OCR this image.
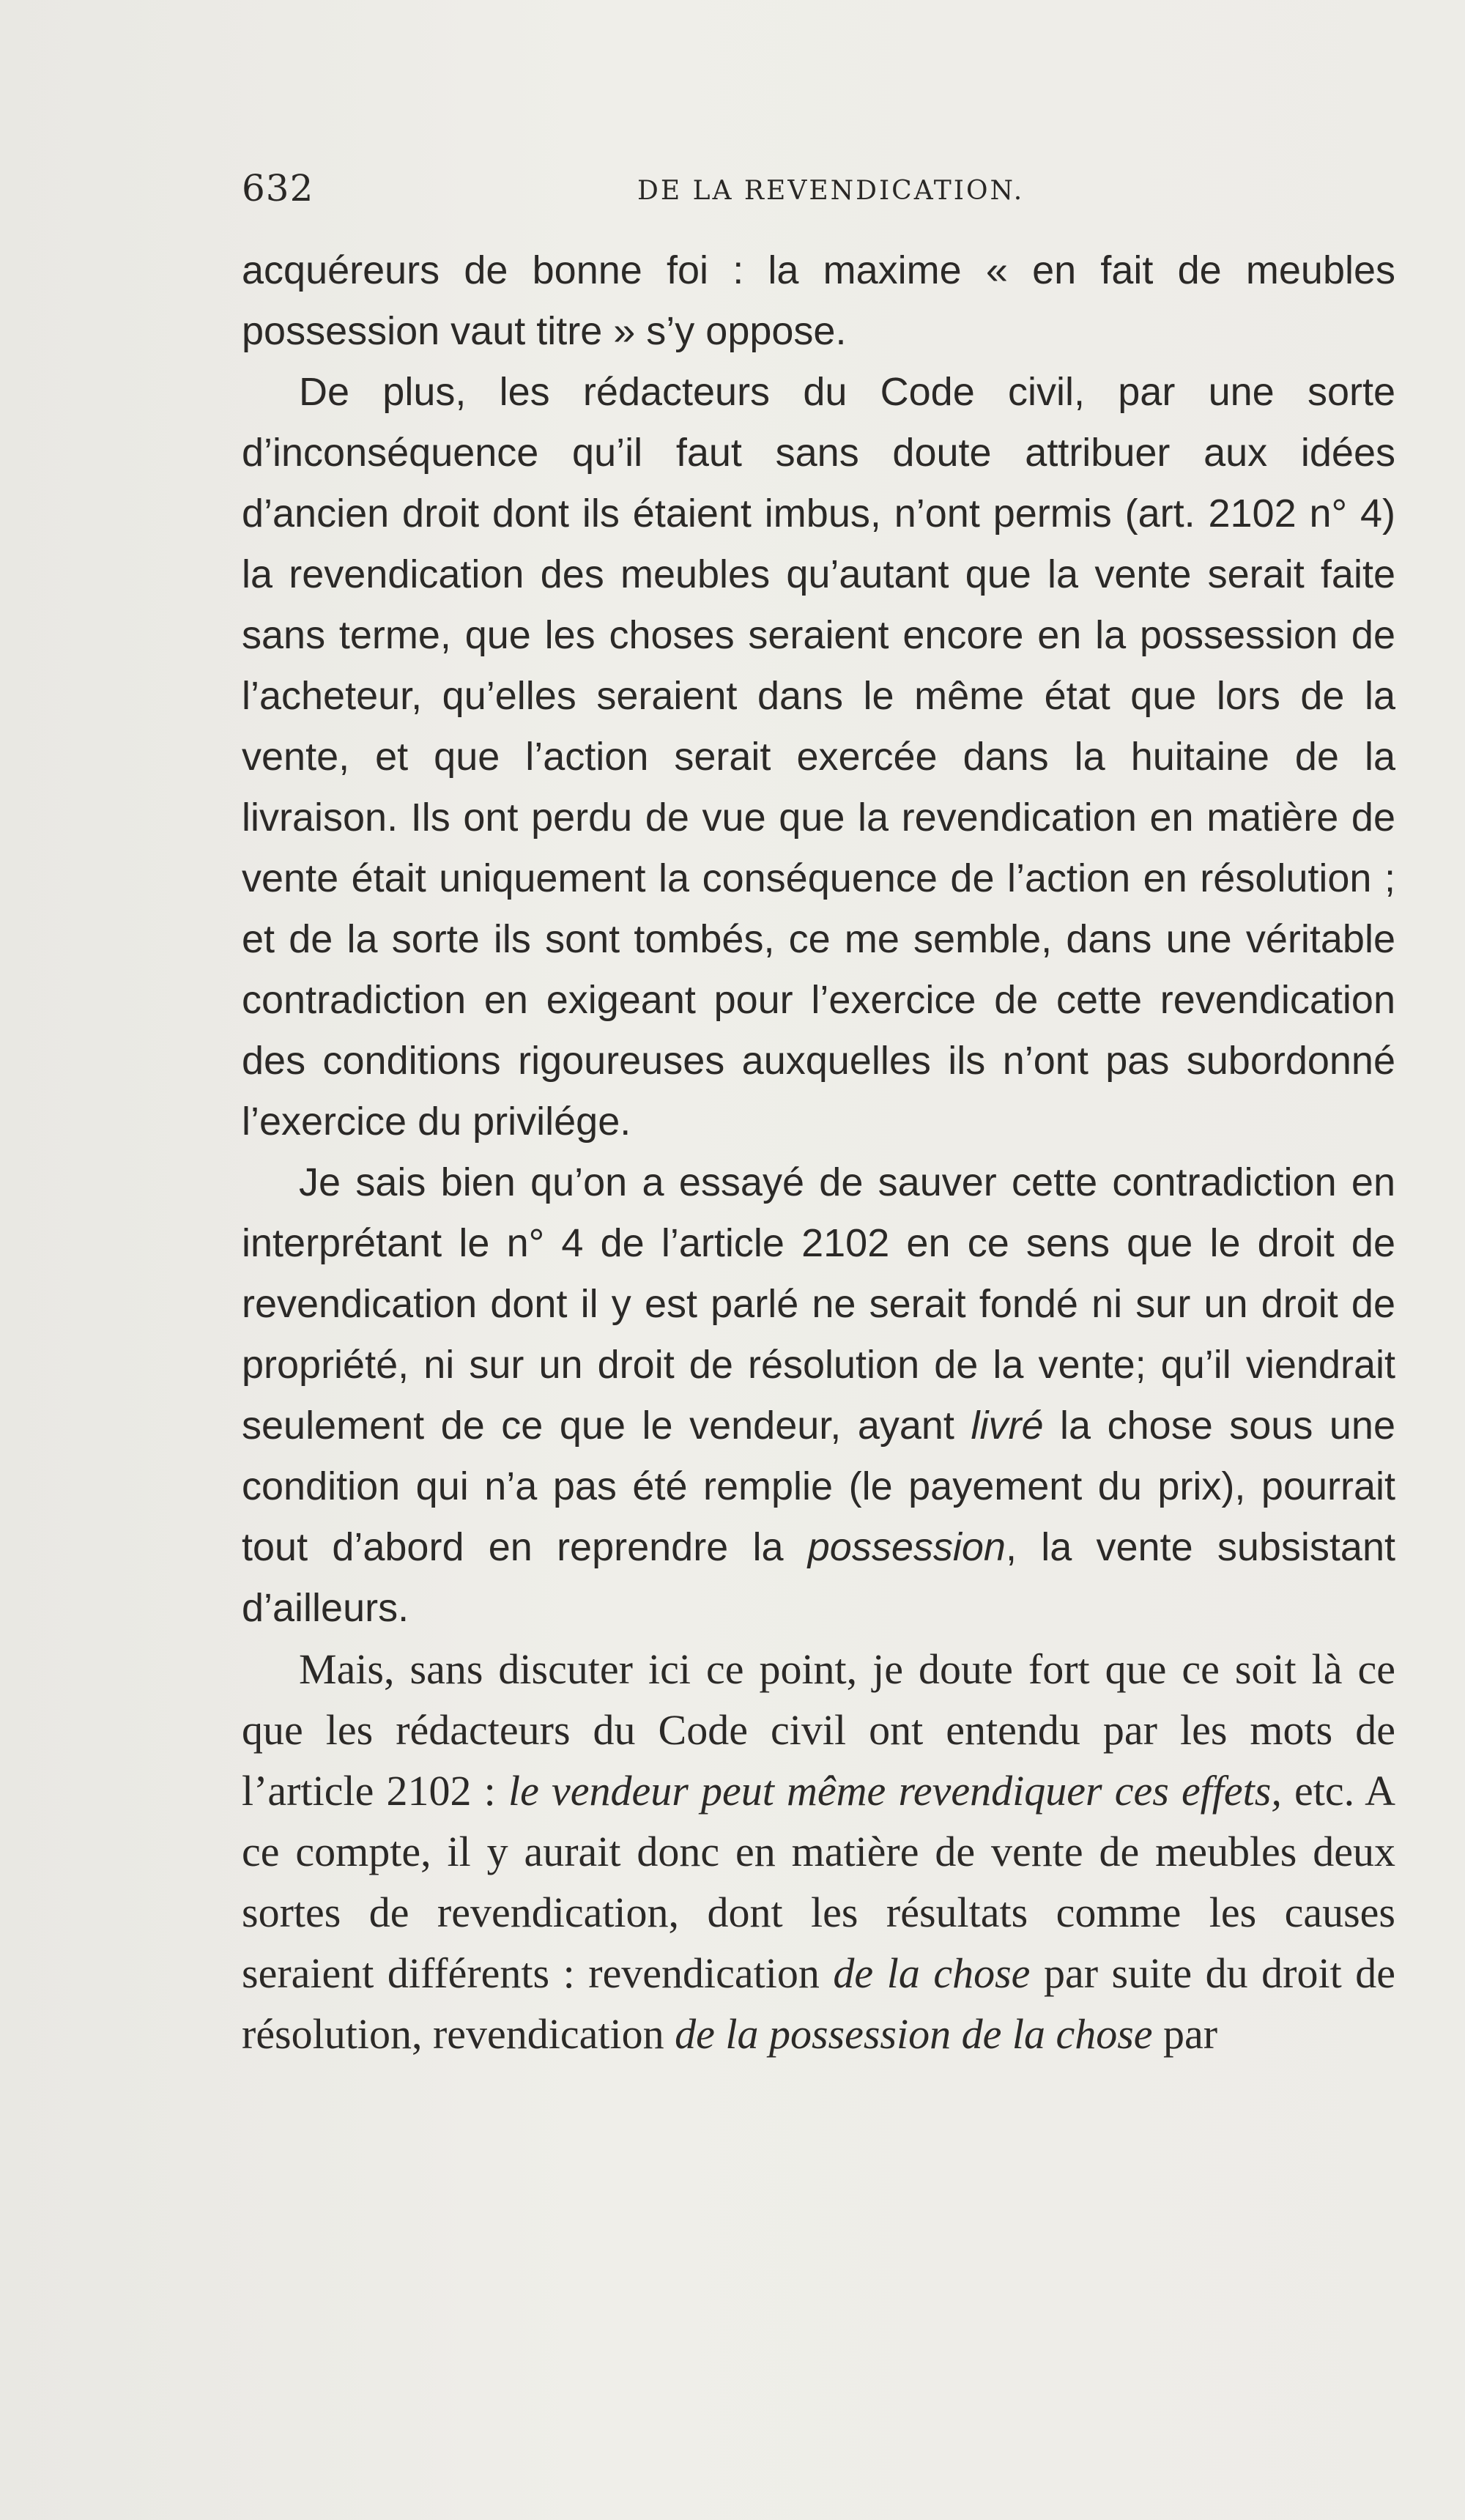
632	DE LA REVENDICATION.

acquéreurs de bonne foi : la maxime « en fait de meubles possession vaut titre » s’y oppose.

De plus, les rédacteurs du Code civil, par une sorte d’inconséquence qu’il faut sans doute attribuer aux idées d’ancien droit dont ils étaient imbus, n’ont permis (art. 2102 n° 4) la revendication des meubles qu’autant que la vente serait faite sans terme, que les choses seraient encore en la possession de l’acheteur, qu’elles seraient dans le même état que lors de la vente, et que l’action serait exercée dans la huitaine de la livraison. Ils ont perdu de vue que la revendication en matière de vente était uniquement la conséquence de l’action en résolution ; et de la sorte ils sont tombés, ce me semble, dans une véritable contradiction en exigeant pour l’exercice de cette revendication des conditions rigoureuses auxquelles ils n’ont pas subordonné l’exercice du privilége.

Je sais bien qu’on a essayé de sauver cette contradiction en interprétant le n° 4 de l’article 2102 en ce sens que le droit de revendication dont il y est parlé ne serait fondé ni sur un droit de propriété, ni sur un droit de résolution de la vente; qu’il viendrait seulement de ce que le vendeur, ayant livré la chose sous une condition qui n’a pas été remplie (le payement du prix), pourrait tout d’abord en reprendre la possession, la vente subsistant d’ailleurs.

Mais, sans discuter ici ce point, je doute fort que ce soit là ce que les rédacteurs du Code civil ont entendu par les mots de l’article 2102 : le vendeur peut même revendiquer ces effets, etc. A ce compte, il y aurait donc en matière de vente de meubles deux sortes de revendication, dont les résultats comme les causes seraient différents : revendication de la chose par suite du droit de résolution, revendication de la possession de la chose par
